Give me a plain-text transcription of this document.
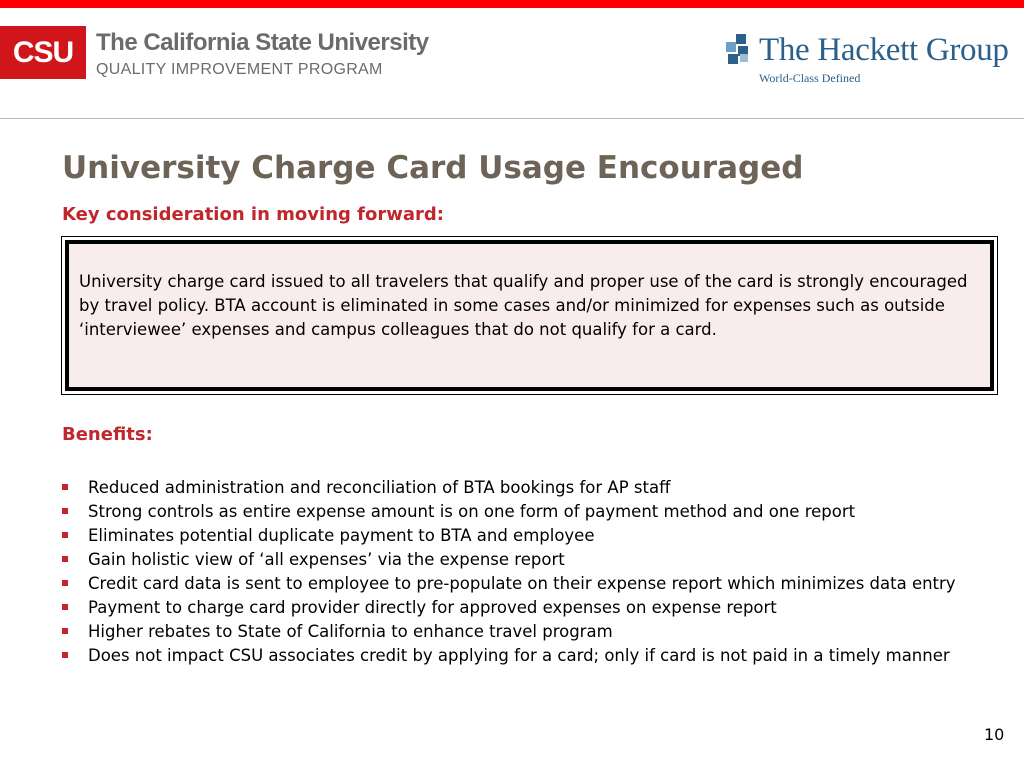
CSU The California State University
QUALITY IMPROVEMENT PROGRAM
The Hackett Group
World-Class Defined
University Charge Card Usage Encouraged
Key consideration in moving forward:

University charge card issued to all travelers that qualify and proper use of the card is strongly encouraged by travel policy. BTA account is eliminated in some cases and/or minimized for expenses such as outside ‘interviewee’ expenses and campus colleagues that do not qualify for a card.

Benefits:
Reduced administration and reconciliation of BTA bookings for AP staff
Strong controls as entire expense amount is on one form of payment method and one report
Eliminates potential duplicate payment to BTA and employee
Gain holistic view of ‘all expenses’ via the expense report
Credit card data is sent to employee to pre-populate on their expense report which minimizes data entry
Payment to charge card provider directly for approved expenses on expense report
Higher rebates to State of California to enhance travel program
Does not impact CSU associates credit by applying for a card; only if card is not paid in a timely manner
10
